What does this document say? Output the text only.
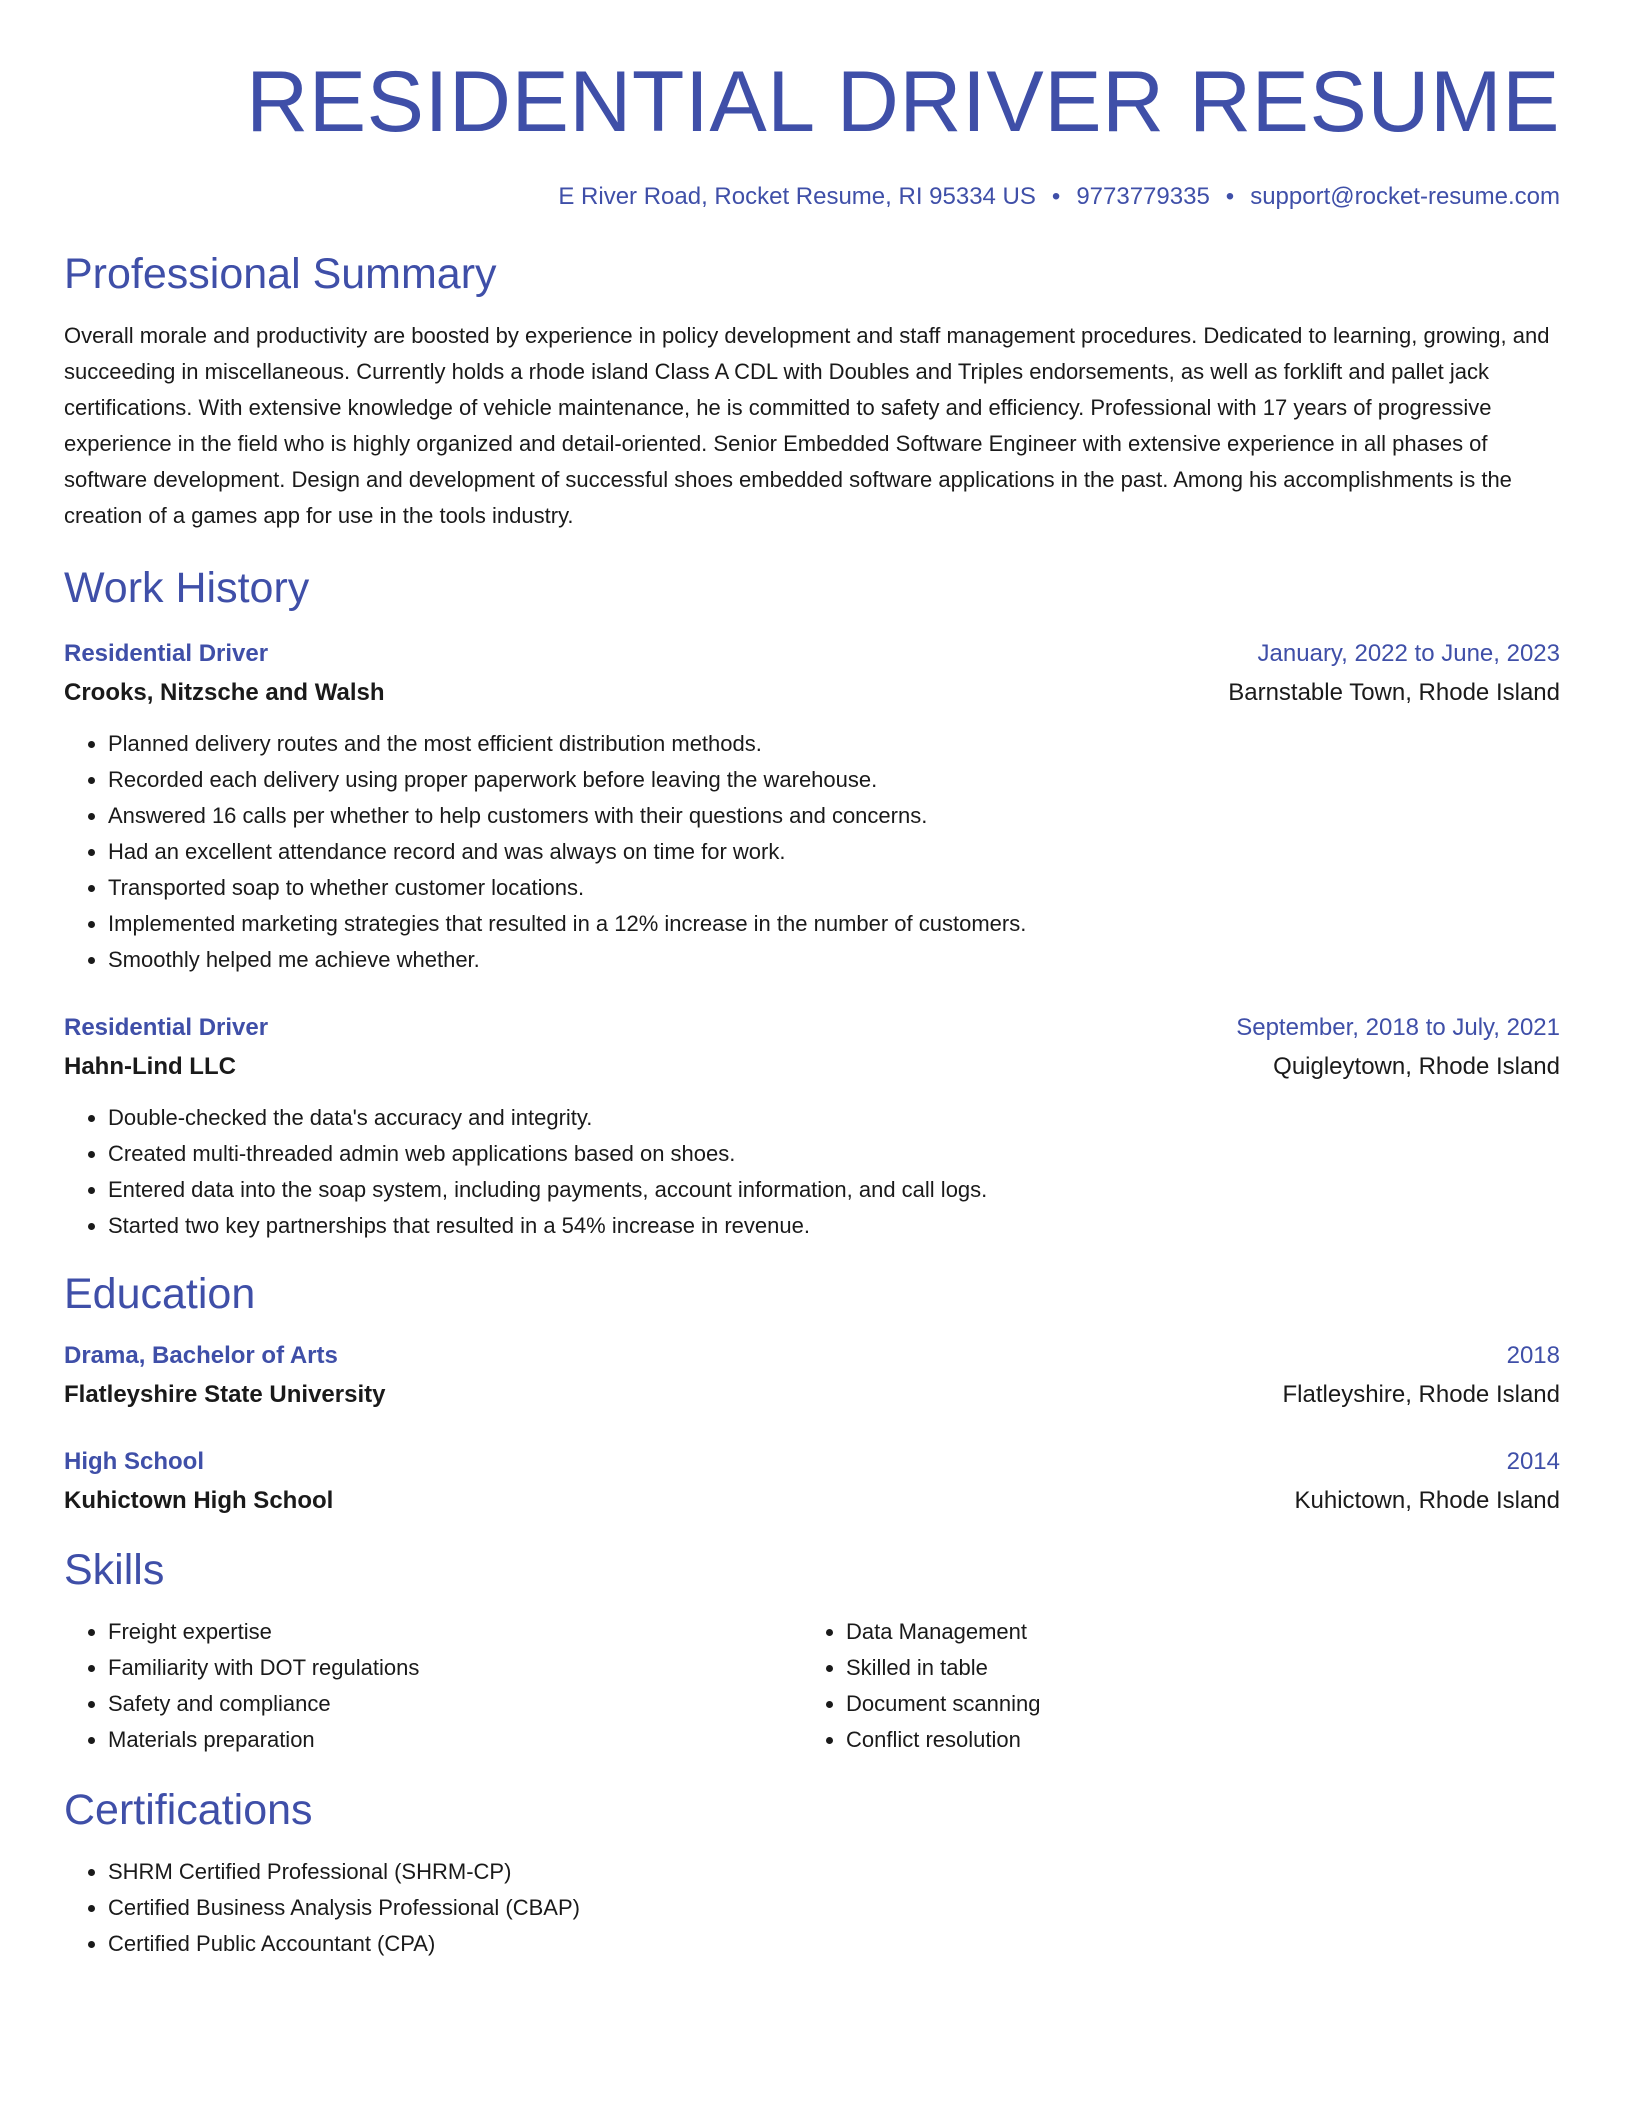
RESIDENTIAL DRIVER RESUME
E River Road, Rocket Resume, RI 95334 US • 9773779335 • support@rocket-resume.com
Professional Summary

Overall morale and productivity are boosted by experience in policy development and staff management procedures. Dedicated to learning, growing, and succeeding in miscellaneous. Currently holds a rhode island Class A CDL with Doubles and Triples endorsements, as well as forklift and pallet jack certifications. With extensive knowledge of vehicle maintenance, he is committed to safety and efficiency. Professional with 17 years of progressive experience in the field who is highly organized and detail-oriented. Senior Embedded Software Engineer with extensive experience in all phases of software development. Design and development of successful shoes embedded software applications in the past. Among his accomplishments is the creation of a games app for use in the tools industry.

Work History
Residential Driver	January, 2022 to June, 2023
Crooks, Nitzsche and Walsh	Barnstable Town, Rhode Island
• Planned delivery routes and the most efficient distribution methods.
• Recorded each delivery using proper paperwork before leaving the warehouse.
• Answered 16 calls per whether to help customers with their questions and concerns.
• Had an excellent attendance record and was always on time for work.
• Transported soap to whether customer locations.
• Implemented marketing strategies that resulted in a 12% increase in the number of customers.
• Smoothly helped me achieve whether.
Residential Driver	September, 2018 to July, 2021
Hahn-Lind LLC	Quigleytown, Rhode Island
• Double-checked the data's accuracy and integrity.
• Created multi-threaded admin web applications based on shoes.
• Entered data into the soap system, including payments, account information, and call logs.
• Started two key partnerships that resulted in a 54% increase in revenue.
Education
Drama, Bachelor of Arts	2018
Flatleyshire State University	Flatleyshire, Rhode Island
High School	2014
Kuhictown High School	Kuhictown, Rhode Island
Skills
• Freight expertise
• Familiarity with DOT regulations
• Safety and compliance
• Materials preparation
• Data Management
• Skilled in table
• Document scanning
• Conflict resolution
Certifications
• SHRM Certified Professional (SHRM-CP)
• Certified Business Analysis Professional (CBAP)
• Certified Public Accountant (CPA)
